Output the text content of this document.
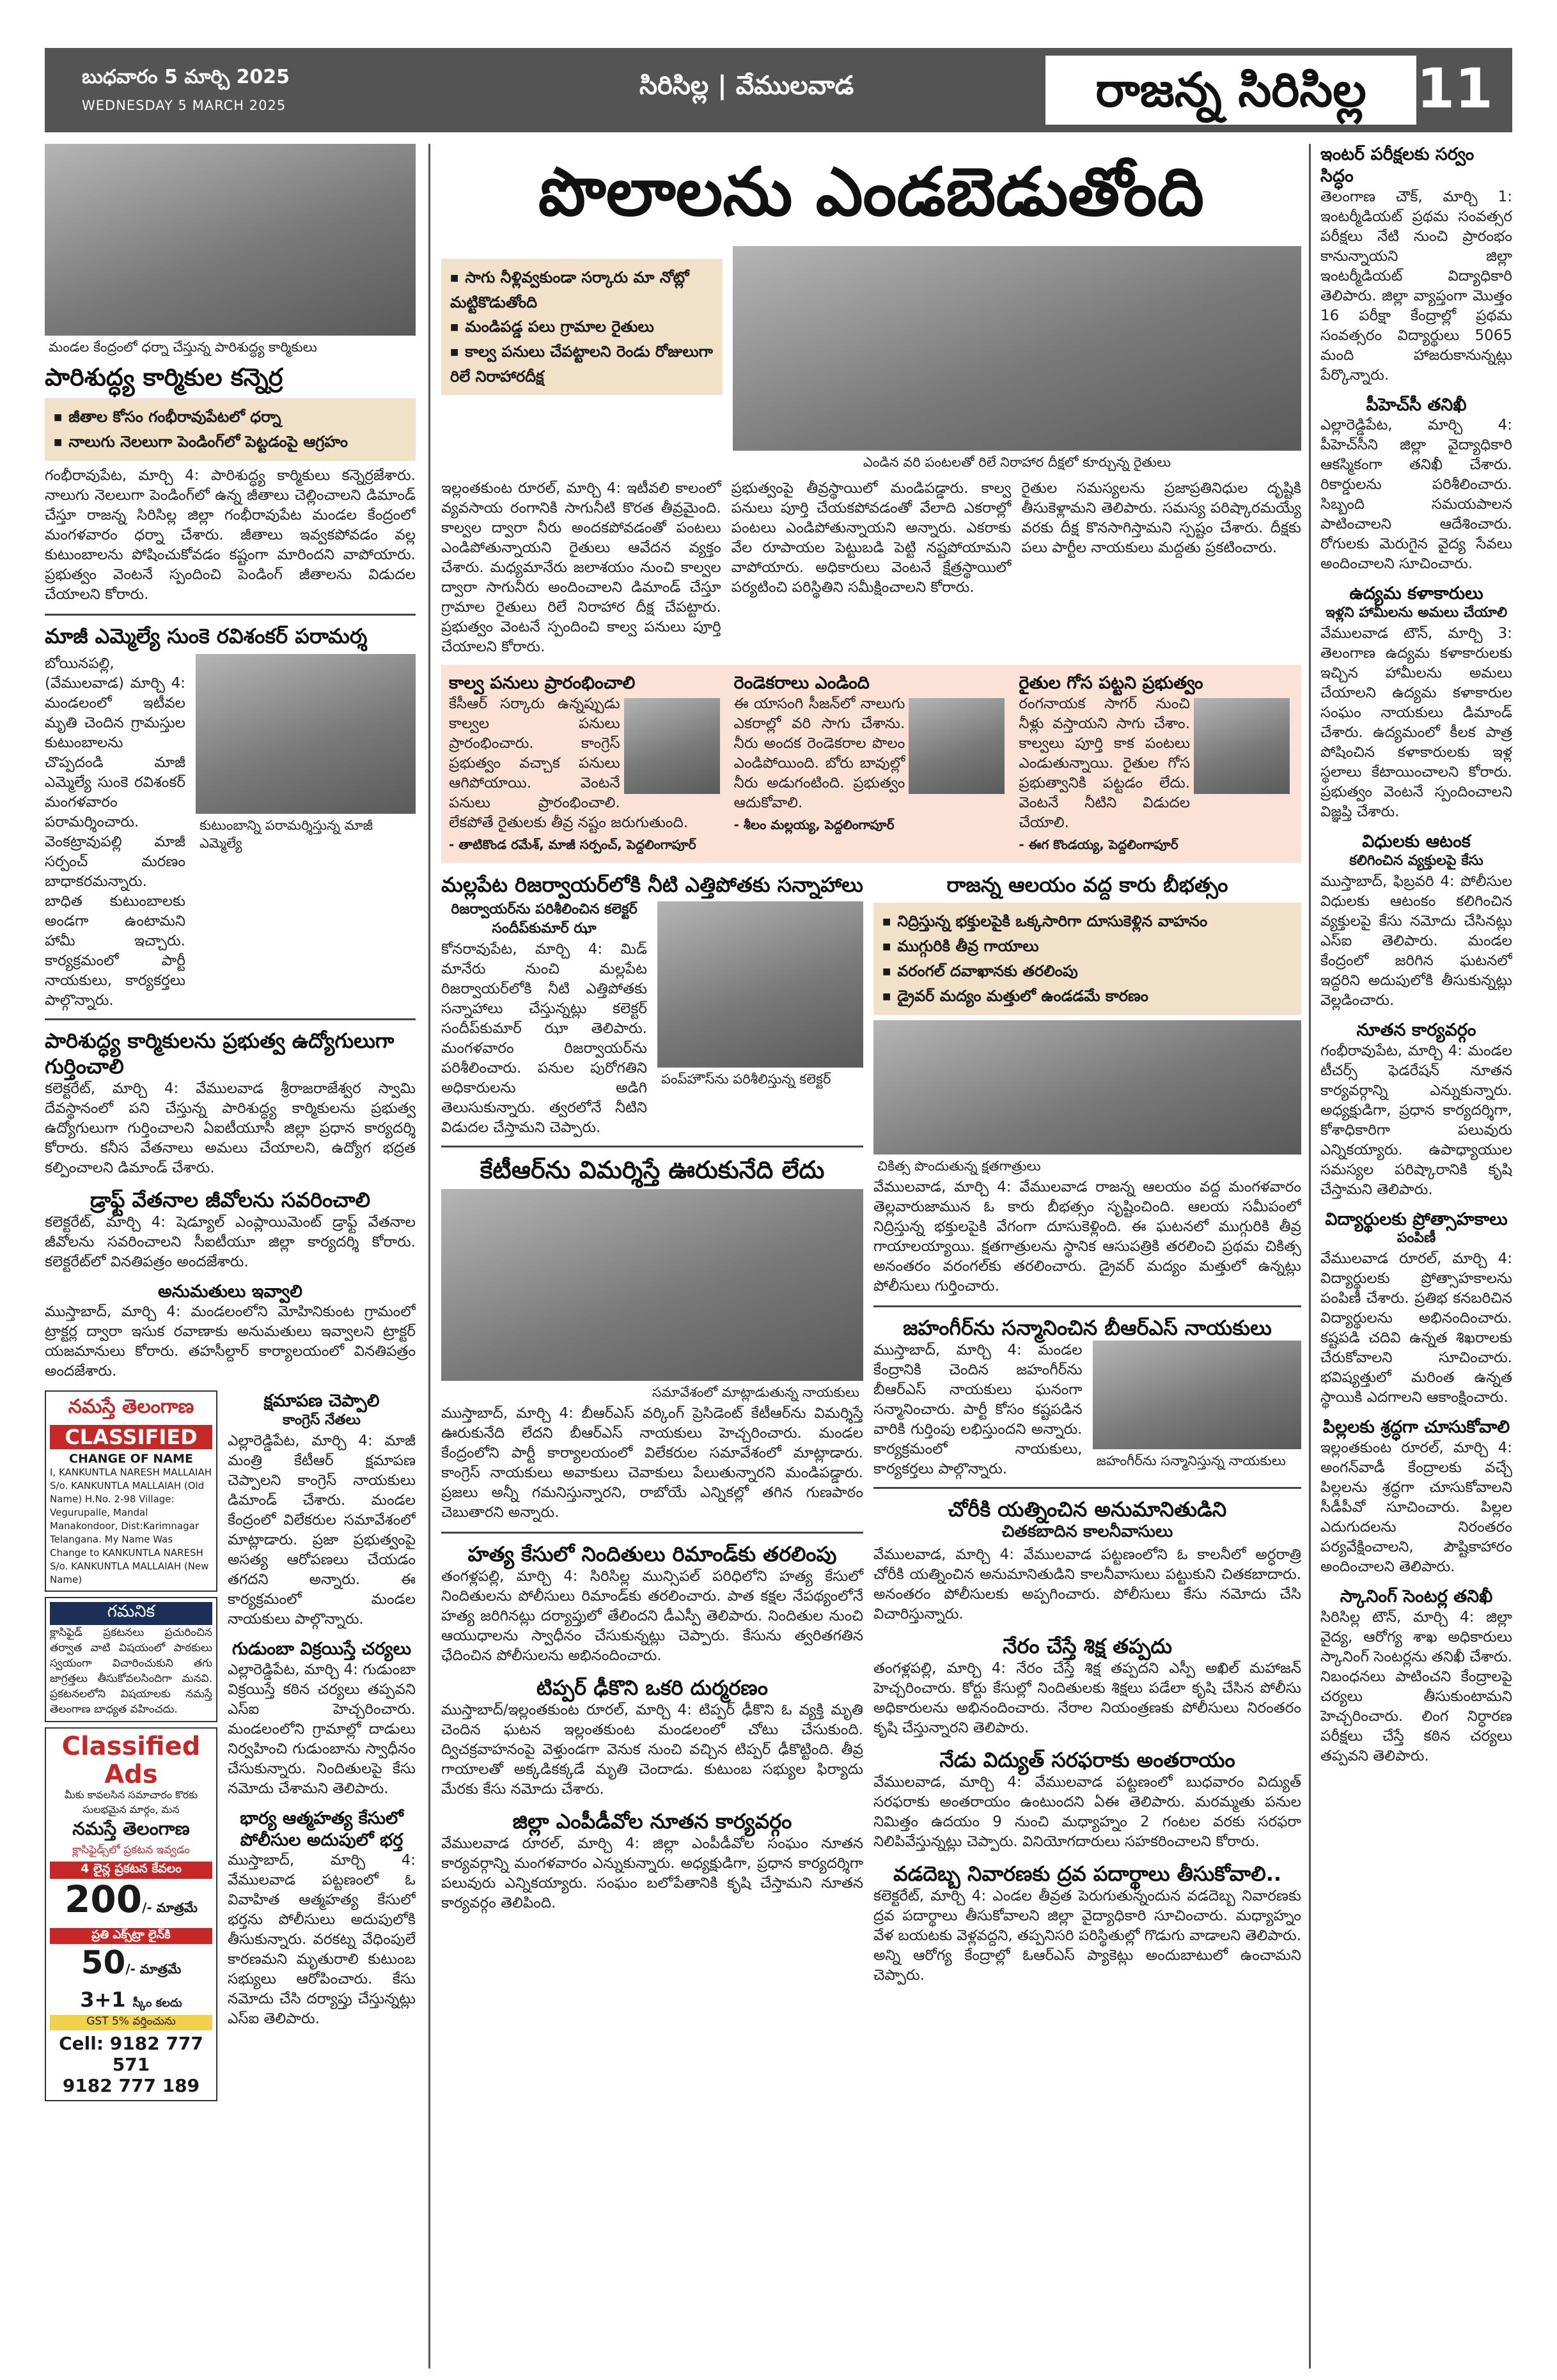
బుధవారం 5 మార్చి 2025
WEDNESDAY 5 MARCH 2025
సిరిసిల్ల | వేములవాడ	రాజన్న సిరిసిల్ల 11
మండల కేంద్రంలో ధర్నా చేస్తున్న పారిశుద్ధ్య కార్మికులు
పారిశుద్ధ్య కార్మికుల కన్నెర్ర
■ జీతాల కోసం గంభీరావుపేటలో ధర్నా
■ నాలుగు నెలలుగా పెండింగ్‌లో పెట్టడంపై ఆగ్రహం

గంభీరావుపేట, మార్చి 4: పారిశుద్ధ్య కార్మికులు కన్నెర్రజేశారు. నాలుగు నెలలుగా పెండింగ్‌లో ఉన్న జీతాలు చెల్లించాలని డిమాండ్ చేస్తూ రాజన్న సిరిసిల్ల జిల్లా గంభీరావుపేట మండల కేంద్రంలో మంగళవారం ధర్నా చేశారు. జీతాలు ఇవ్వకపోవడం వల్ల కుటుంబాలను పోషించుకోవడం కష్టంగా మారిందని వాపోయారు. ప్రభుత్వం వెంటనే స్పందించి పెండింగ్ జీతాలను విడుదల చేయాలని కోరారు.

మాజీ ఎమ్మెల్యే సుంకె రవిశంకర్ పరామర్శ

బోయినపల్లి, (వేములవాడ) మార్చి 4: మండలంలో ఇటీవల మృతి చెందిన గ్రామస్తుల కుటుంబాలను చొప్పదండి మాజీ ఎమ్మెల్యే సుంకె రవిశంకర్ మంగళవారం పరామర్శించారు. వెంకట్రావుపల్లి మాజీ సర్పంచ్ మరణం బాధాకరమన్నారు. బాధిత కుటుంబాలకు అండగా ఉంటామని హామీ ఇచ్చారు. కార్యక్రమంలో పార్టీ నాయకులు, కార్యకర్తలు పాల్గొన్నారు.

కుటుంబాన్ని పరామర్శిస్తున్న మాజీ ఎమ్మెల్యే
పారిశుద్ధ్య కార్మికులను ప్రభుత్వ ఉద్యోగులుగా గుర్తించాలి

కలెక్టరేట్, మార్చి 4: వేములవాడ శ్రీరాజరాజేశ్వర స్వామి దేవస్థానంలో పని చేస్తున్న పారిశుద్ధ్య కార్మికులను ప్రభుత్వ ఉద్యోగులుగా గుర్తించాలని ఏఐటీయూసీ జిల్లా ప్రధాన కార్యదర్శి కోరారు. కనీస వేతనాలు అమలు చేయాలని, ఉద్యోగ భద్రత కల్పించాలని డిమాండ్ చేశారు.

డ్రాఫ్ట్ వేతనాల జీవోలను సవరించాలి

కలెక్టరేట్, మార్చి 4: షెడ్యూల్ ఎంప్లాయిమెంట్ డ్రాఫ్ట్ వేతనాల జీవోలను సవరించాలని సీఐటీయూ జిల్లా కార్యదర్శి కోరారు. కలెక్టరేట్‌లో వినతిపత్రం అందజేశారు.

అనుమతులు ఇవ్వాలి

ముస్తాబాద్, మార్చి 4: మండలంలోని మోహినికుంట గ్రామంలో ట్రాక్టర్ల ద్వారా ఇసుక రవాణాకు అనుమతులు ఇవ్వాలని ట్రాక్టర్ యజమానులు కోరారు. తహసీల్దార్ కార్యాలయంలో వినతిపత్రం అందజేశారు.

నమస్తే తెలంగాణ
CLASSIFIED
CHANGE OF NAME
I, KANKUNTLA NARESH MALLAIAH S/o. KANKUNTLA MALLAIAH (Old Name) H.No. 2-98 Village: Vegurupalle, Mandal Manakondoor, Dist:Karimnagar Telangana. My Name Was Change to KANKUNTLA NARESH S/o. KANKUNTLA MALLAIAH (New Name)
గమనిక
క్లాసిఫైడ్ ప్రకటనలు ప్రచురించిన తర్వాత వాటి విషయంలో పాఠకులు స్వయంగా విచారించుకుని తగు జాగ్రత్తలు తీసుకోవలసిందిగా మనవి. ప్రకటనలలోని విషయాలకు నమస్తే తెలంగాణ బాధ్యత వహించదు.
Classified
Ads
మీకు కావలసిన సమాచారం కొరకు సులభమైన మార్గం, మన
నమస్తే తెలంగాణ
క్లాసిఫైడ్స్‌లో ప్రకటన ఇవ్వడం
4 లైన్ల ప్రకటన కేవలం
200/- మాత్రమే
ప్రతి ఎక్స్‌ట్రా లైన్‌కి
50/- మాత్రమే
3+1 స్కీం కలదు
GST 5% వర్తించును
Cell: 9182 777 571
9182 777 189
క్షమాపణ చెప్పాలి
కాంగ్రెస్ నేతలు

ఎల్లారెడ్డిపేట, మార్చి 4: మాజీ మంత్రి కేటీఆర్ క్షమాపణ చెప్పాలని కాంగ్రెస్ నాయకులు డిమాండ్ చేశారు. మండల కేంద్రంలో విలేకరుల సమావేశంలో మాట్లాడారు. ప్రజా ప్రభుత్వంపై అసత్య ఆరోపణలు చేయడం తగదని అన్నారు. ఈ కార్యక్రమంలో మండల నాయకులు పాల్గొన్నారు.

గుడుంబా విక్రయిస్తే చర్యలు

ఎల్లారెడ్డిపేట, మార్చి 4: గుడుంబా విక్రయిస్తే కఠిన చర్యలు తప్పవని ఎస్ఐ హెచ్చరించారు. మండలంలోని గ్రామాల్లో దాడులు నిర్వహించి గుడుంబాను స్వాధీనం చేసుకున్నారు. నిందితులపై కేసు నమోదు చేశామని తెలిపారు.

భార్య ఆత్మహత్య కేసులో పోలీసుల అదుపులో భర్త

ముస్తాబాద్, మార్చి 4: వేములవాడ పట్టణంలో ఓ వివాహిత ఆత్మహత్య కేసులో భర్తను పోలీసులు అదుపులోకి తీసుకున్నారు. వరకట్న వేధింపులే కారణమని మృతురాలి కుటుంబ సభ్యులు ఆరోపించారు. కేసు నమోదు చేసి దర్యాప్తు చేస్తున్నట్లు ఎస్ఐ తెలిపారు.

పొలాలను ఎండబెడుతోంది
■ సాగు నీళ్లివ్వకుండా సర్కారు మా నోట్లో మట్టికొడుతోంది
■ మండిపడ్డ పలు గ్రామాల రైతులు
■ కాల్వ పనులు చేపట్టాలని రెండు రోజులుగా రిలే నిరాహారదీక్ష
ఎండిన వరి పంటలతో రిలే నిరాహార దీక్షలో కూర్చున్న రైతులు

ఇల్లంతకుంట రూరల్, మార్చి 4: ఇటీవలి కాలంలో వ్యవసాయ రంగానికి సాగునీటి కొరత తీవ్రమైంది. కాల్వల ద్వారా నీరు అందకపోవడంతో పంటలు ఎండిపోతున్నాయని రైతులు ఆవేదన వ్యక్తం చేశారు. మధ్యమానేరు జలాశయం నుంచి కాల్వల ద్వారా సాగునీరు అందించాలని డిమాండ్ చేస్తూ గ్రామాల రైతులు రిలే నిరాహార దీక్ష చేపట్టారు. ప్రభుత్వం వెంటనే స్పందించి కాల్వ పనులు పూర్తి చేయాలని కోరారు.

ప్రభుత్వంపై తీవ్రస్థాయిలో మండిపడ్డారు. కాల్వ పనులు పూర్తి చేయకపోవడంతో వేలాది ఎకరాల్లో పంటలు ఎండిపోతున్నాయని అన్నారు. ఎకరాకు వేల రూపాయల పెట్టుబడి పెట్టి నష్టపోయామని వాపోయారు. అధికారులు వెంటనే క్షేత్రస్థాయిలో పర్యటించి పరిస్థితిని సమీక్షించాలని కోరారు.

రైతుల సమస్యలను ప్రజాప్రతినిధుల దృష్టికి తీసుకెళ్లామని తెలిపారు. సమస్య పరిష్కారమయ్యే వరకు దీక్ష కొనసాగిస్తామని స్పష్టం చేశారు. దీక్షకు పలు పార్టీల నాయకులు మద్దతు ప్రకటించారు.

కాల్వ పనులు ప్రారంభించాలి

కేసీఆర్ సర్కారు ఉన్నప్పుడు కాల్వల పనులు ప్రారంభించారు. కాంగ్రెస్ ప్రభుత్వం వచ్చాక పనులు ఆగిపోయాయి. వెంటనే పనులు ప్రారంభించాలి. లేకపోతే రైతులకు తీవ్ర నష్టం జరుగుతుంది.

- తాటికొండ రమేశ్, మాజీ సర్పంచ్, పెద్దలింగాపూర్
రెండెకరాలు ఎండింది

ఈ యాసంగి సీజన్‌లో నాలుగు ఎకరాల్లో వరి సాగు చేశాను. నీరు అందక రెండెకరాల పొలం ఎండిపోయింది. బోరు బావుల్లో నీరు అడుగంటింది. ప్రభుత్వం ఆదుకోవాలి.

- శీలం మల్లయ్య, పెద్దలింగాపూర్
రైతుల గోస పట్టని ప్రభుత్వం

రంగనాయక సాగర్ నుంచి నీళ్లు వస్తాయని సాగు చేశాం. కాల్వలు పూర్తి కాక పంటలు ఎండుతున్నాయి. రైతుల గోస ప్రభుత్వానికి పట్టడం లేదు. వెంటనే నీటిని విడుదల చేయాలి.

- ఈగ కొండయ్య, పెద్దలింగాపూర్
మల్లపేట రిజర్వాయర్‌లోకి నీటి ఎత్తిపోతకు సన్నాహాలు
రిజర్వాయర్‌ను పరిశీలించిన కలెక్టర్ సందీప్‌కుమార్ ఝా

కోనరావుపేట, మార్చి 4: మిడ్ మానేరు నుంచి మల్లపేట రిజర్వాయర్‌లోకి నీటి ఎత్తిపోతకు సన్నాహాలు చేస్తున్నట్లు కలెక్టర్ సందీప్‌కుమార్ ఝా తెలిపారు. మంగళవారం రిజర్వాయర్‌ను పరిశీలించారు. పనుల పురోగతిని అధికారులను అడిగి తెలుసుకున్నారు. త్వరలోనే నీటిని విడుదల చేస్తామని చెప్పారు.

పంప్‌హౌస్‌ను పరిశీలిస్తున్న కలెక్టర్
కేటీఆర్‌ను విమర్శిస్తే ఊరుకునేది లేదు
సమావేశంలో మాట్లాడుతున్న నాయకులు

ముస్తాబాద్, మార్చి 4: బీఆర్ఎస్ వర్కింగ్ ప్రెసిడెంట్ కేటీఆర్‌ను విమర్శిస్తే ఊరుకునేది లేదని బీఆర్ఎస్ నాయకులు హెచ్చరించారు. మండల కేంద్రంలోని పార్టీ కార్యాలయంలో విలేకరుల సమావేశంలో మాట్లాడారు. కాంగ్రెస్ నాయకులు అవాకులు చెవాకులు పేలుతున్నారని మండిపడ్డారు. ప్రజలు అన్నీ గమనిస్తున్నారని, రాబోయే ఎన్నికల్లో తగిన గుణపాఠం చెబుతారని అన్నారు.

హత్య కేసులో నిందితులు రిమాండ్‌కు తరలింపు

తంగళ్లపల్లి, మార్చి 4: సిరిసిల్ల మున్సిపల్ పరిధిలోని హత్య కేసులో నిందితులను పోలీసులు రిమాండ్‌కు తరలించారు. పాత కక్షల నేపథ్యంలోనే హత్య జరిగినట్లు దర్యాప్తులో తేలిందని డీఎస్పీ తెలిపారు. నిందితుల నుంచి ఆయుధాలను స్వాధీనం చేసుకున్నట్లు చెప్పారు. కేసును త్వరితగతిన ఛేదించిన పోలీసులను అభినందించారు.

టిప్పర్ ఢీకొని ఒకరి దుర్మరణం

ముస్తాబాద్/ఇల్లంతకుంట రూరల్, మార్చి 4: టిప్పర్ ఢీకొని ఓ వ్యక్తి మృతి చెందిన ఘటన ఇల్లంతకుంట మండలంలో చోటు చేసుకుంది. ద్విచక్రవాహనంపై వెళ్తుండగా వెనుక నుంచి వచ్చిన టిప్పర్ ఢీకొట్టింది. తీవ్ర గాయాలతో అక్కడికక్కడే మృతి చెందాడు. కుటుంబ సభ్యుల ఫిర్యాదు మేరకు కేసు నమోదు చేశారు.

జిల్లా ఎంపీడీవోల నూతన కార్యవర్గం

వేములవాడ రూరల్, మార్చి 4: జిల్లా ఎంపీడీవోల సంఘం నూతన కార్యవర్గాన్ని మంగళవారం ఎన్నుకున్నారు. అధ్యక్షుడిగా, ప్రధాన కార్యదర్శిగా పలువురు ఎన్నికయ్యారు. సంఘం బలోపేతానికి కృషి చేస్తామని నూతన కార్యవర్గం తెలిపింది.

రాజన్న ఆలయం వద్ద కారు బీభత్సం
■ నిద్రిస్తున్న భక్తులపైకి ఒక్కసారిగా దూసుకెళ్లిన వాహనం
■ ముగ్గురికి తీవ్ర గాయాలు
■ వరంగల్ దవాఖానకు తరలింపు
■ డ్రైవర్ మద్యం మత్తులో ఉండడమే కారణం
చికిత్స పొందుతున్న క్షతగాత్రులు

వేములవాడ, మార్చి 4: వేములవాడ రాజన్న ఆలయం వద్ద మంగళవారం తెల్లవారుజామున ఓ కారు బీభత్సం సృష్టించింది. ఆలయ సమీపంలో నిద్రిస్తున్న భక్తులపైకి వేగంగా దూసుకెళ్లింది. ఈ ఘటనలో ముగ్గురికి తీవ్ర గాయాలయ్యాయి. క్షతగాత్రులను స్థానిక ఆసుపత్రికి తరలించి ప్రథమ చికిత్స అనంతరం వరంగల్‌కు తరలించారు. డ్రైవర్ మద్యం మత్తులో ఉన్నట్లు పోలీసులు గుర్తించారు.

జహంగీర్‌ను సన్మానించిన బీఆర్ఎస్ నాయకులు

ముస్తాబాద్, మార్చి 4: మండల కేంద్రానికి చెందిన జహంగీర్‌ను బీఆర్ఎస్ నాయకులు ఘనంగా సన్మానించారు. పార్టీ కోసం కష్టపడిన వారికి గుర్తింపు లభిస్తుందని అన్నారు. కార్యక్రమంలో నాయకులు, కార్యకర్తలు పాల్గొన్నారు.	జహంగీర్‌ను సన్మానిస్తున్న నాయకులు
చోరీకి యత్నించిన అనుమానితుడిని
చితకబాదిన కాలనీవాసులు

వేములవాడ, మార్చి 4: వేములవాడ పట్టణంలోని ఓ కాలనీలో అర్ధరాత్రి చోరీకి యత్నించిన అనుమానితుడిని కాలనీవాసులు పట్టుకుని చితకబాదారు. అనంతరం పోలీసులకు అప్పగించారు. పోలీసులు కేసు నమోదు చేసి విచారిస్తున్నారు.

నేరం చేస్తే శిక్ష తప్పదు

తంగళ్లపల్లి, మార్చి 4: నేరం చేస్తే శిక్ష తప్పదని ఎస్పీ అఖిల్ మహాజన్ హెచ్చరించారు. కోర్టు కేసుల్లో నిందితులకు శిక్షలు పడేలా కృషి చేసిన పోలీసు అధికారులను అభినందించారు. నేరాల నియంత్రణకు పోలీసులు నిరంతరం కృషి చేస్తున్నారని తెలిపారు.

నేడు విద్యుత్ సరఫరాకు అంతరాయం

వేములవాడ, మార్చి 4: వేములవాడ పట్టణంలో బుధవారం విద్యుత్ సరఫరాకు అంతరాయం ఉంటుందని ఏఈ తెలిపారు. మరమ్మతు పనుల నిమిత్తం ఉదయం 9 నుంచి మధ్యాహ్నం 2 గంటల వరకు సరఫరా నిలిపివేస్తున్నట్లు చెప్పారు. వినియోగదారులు సహకరించాలని కోరారు.

వడదెబ్బ నివారణకు ద్రవ పదార్థాలు తీసుకోవాలి..

కలెక్టరేట్, మార్చి 4: ఎండల తీవ్రత పెరుగుతున్నందున వడదెబ్బ నివారణకు ద్రవ పదార్థాలు తీసుకోవాలని జిల్లా వైద్యాధికారి సూచించారు. మధ్యాహ్నం వేళ బయటకు వెళ్లవద్దని, తప్పనిసరి పరిస్థితుల్లో గొడుగు వాడాలని తెలిపారు. అన్ని ఆరోగ్య కేంద్రాల్లో ఓఆర్ఎస్ ప్యాకెట్లు అందుబాటులో ఉంచామని చెప్పారు.

ఇంటర్ పరీక్షలకు సర్వం సిద్ధం

తెలంగాణ చౌక్, మార్చి 1: ఇంటర్మీడియట్ ప్రథమ సంవత్సర పరీక్షలు నేటి నుంచి ప్రారంభం కానున్నాయని జిల్లా ఇంటర్మీడియట్ విద్యాధికారి తెలిపారు. జిల్లా వ్యాప్తంగా మొత్తం 16 పరీక్షా కేంద్రాల్లో ప్రథమ సంవత్సరం విద్యార్థులు 5065 మంది హాజరుకానున్నట్లు పేర్కొన్నారు.

పీహెచ్‌సీ తనిఖీ

ఎల్లారెడ్డిపేట, మార్చి 4: పీహెచ్‌సీని జిల్లా వైద్యాధికారి ఆకస్మికంగా తనిఖీ చేశారు. రికార్డులను పరిశీలించారు. సిబ్బంది సమయపాలన పాటించాలని ఆదేశించారు. రోగులకు మెరుగైన వైద్య సేవలు అందించాలని సూచించారు.

ఉద్యమ కళాకారులు
ఇళ్లని హామీలను అమలు చేయాలి

వేములవాడ టౌన్, మార్చి 3: తెలంగాణ ఉద్యమ కళాకారులకు ఇచ్చిన హామీలను అమలు చేయాలని ఉద్యమ కళాకారుల సంఘం నాయకులు డిమాండ్ చేశారు. ఉద్యమంలో కీలక పాత్ర పోషించిన కళాకారులకు ఇళ్ల స్థలాలు కేటాయించాలని కోరారు. ప్రభుత్వం వెంటనే స్పందించాలని విజ్ఞప్తి చేశారు.

విధులకు ఆటంక
కలిగించిన వ్యక్తులపై కేసు

ముస్తాబాద్, ఫిబ్రవరి 4: పోలీసుల విధులకు ఆటంకం కలిగించిన వ్యక్తులపై కేసు నమోదు చేసినట్లు ఎస్ఐ తెలిపారు. మండల కేంద్రంలో జరిగిన ఘటనలో ఇద్దరిని అదుపులోకి తీసుకున్నట్లు వెల్లడించారు.

నూతన కార్యవర్గం

గంభీరావుపేట, మార్చి 4: మండల టీచర్స్ ఫెడరేషన్ నూతన కార్యవర్గాన్ని ఎన్నుకున్నారు. అధ్యక్షుడిగా, ప్రధాన కార్యదర్శిగా, కోశాధికారిగా పలువురు ఎన్నికయ్యారు. ఉపాధ్యాయుల సమస్యల పరిష్కారానికి కృషి చేస్తామని తెలిపారు.

విద్యార్థులకు ప్రోత్సాహకాలు
పంపిణీ

వేములవాడ రూరల్, మార్చి 4: విద్యార్థులకు ప్రోత్సాహకాలను పంపిణీ చేశారు. ప్రతిభ కనబరిచిన విద్యార్థులను అభినందించారు. కష్టపడి చదివి ఉన్నత శిఖరాలకు చేరుకోవాలని సూచించారు. భవిష్యత్తులో మరింత ఉన్నత స్థాయికి ఎదగాలని ఆకాంక్షించారు.

పిల్లలకు శ్రద్ధగా చూసుకోవాలి

ఇల్లంతకుంట రూరల్, మార్చి 4: అంగన్‌వాడీ కేంద్రాలకు వచ్చే పిల్లలను శ్రద్ధగా చూసుకోవాలని సీడీపీవో సూచించారు. పిల్లల ఎదుగుదలను నిరంతరం పర్యవేక్షించాలని, పౌష్టికాహారం అందించాలని తెలిపారు.

స్కానింగ్ సెంటర్ల తనిఖీ

సిరిసిల్ల టౌన్, మార్చి 4: జిల్లా వైద్య, ఆరోగ్య శాఖ అధికారులు స్కానింగ్ సెంటర్లను తనిఖీ చేశారు. నిబంధనలు పాటించని కేంద్రాలపై చర్యలు తీసుకుంటామని హెచ్చరించారు. లింగ నిర్ధారణ పరీక్షలు చేస్తే కఠిన చర్యలు తప్పవని తెలిపారు.
